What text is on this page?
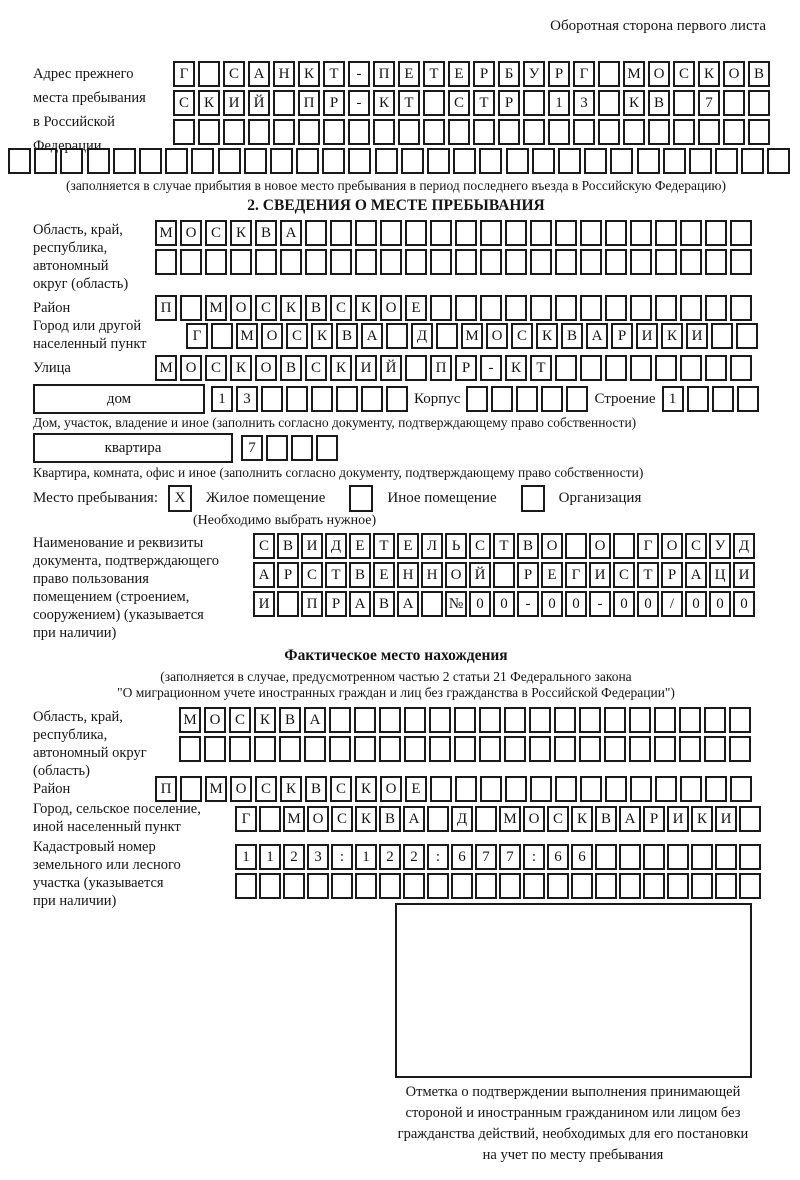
Оборотная сторона первого листа
Адрес прежнего
места пребывания
в Российской
Федерации
Г	С А Н К	Т	-	П Е	Т	Е	Р	Б	У	Р	Г	М О С К О В
С К И Й	П	Р	-	К	Т	С	Т	Р	1	3	К В	7
(заполняется в случае прибытия в новое место пребывания в период последнего въезда в Российскую Федерацию)
2. СВЕДЕНИЯ О МЕСТЕ ПРЕБЫВАНИЯ
Область, край,
республика,
автономный
округ (область)
М О С К В А
Район	П	М О С К В С К О Е
Город или другой
населенный пункт
Г	М О С К В А	Д	М О С К В А	Р	И К И
Улица	М О С К О В С К И Й	П	Р	-	К	Т
дом	1	3	Корпус	Строение 1
Дом, участок, владение и иное (заполнить согласно документу, подтверждающему право собственности)
квартира	7
Квартира, комната, офис и иное (заполнить согласно документу, подтверждающему право собственности)
Место пребывания:	X	Жилое помещение	Иное помещение	Организация
(Необходимо выбрать нужное)
Наименование и реквизиты
документа, подтверждающего
право пользования
помещением (строением,
сооружением) (указывается
при наличии)
С В И Д Е Т Е Л Ь С Т В О	О	Г О С У Д
А Р С Т В Е Н Н О Й	Р	Е	Г И С Т	Р А Ц И
И	П Р А В А	№ 0	0	-	0	0	-	0	0	/	0	0	0
Фактическое место нахождения
(заполняется в случае, предусмотренном частью 2 статьи 21 Федерального закона
"О миграционном учете иностранных граждан и лиц без гражданства в Российской Федерации")
Область, край,
республика,
автономный округ
(область)
М О С К В А
Район	П	М О С К В С К О Е
Город, сельское поселение,
иной населенный пункт
Г	М О С К В А	Д	М О С К В А Р И К И
Кадастровый номер
земельного или лесного
участка (указывается
при наличии)
1	1	2	3	:	1	2	2	:	6	7	7	:	6	6
Отметка о подтверждении выполнения принимающей
стороной и иностранным гражданином или лицом без
гражданства действий, необходимых для его постановки
на учет по месту пребывания
